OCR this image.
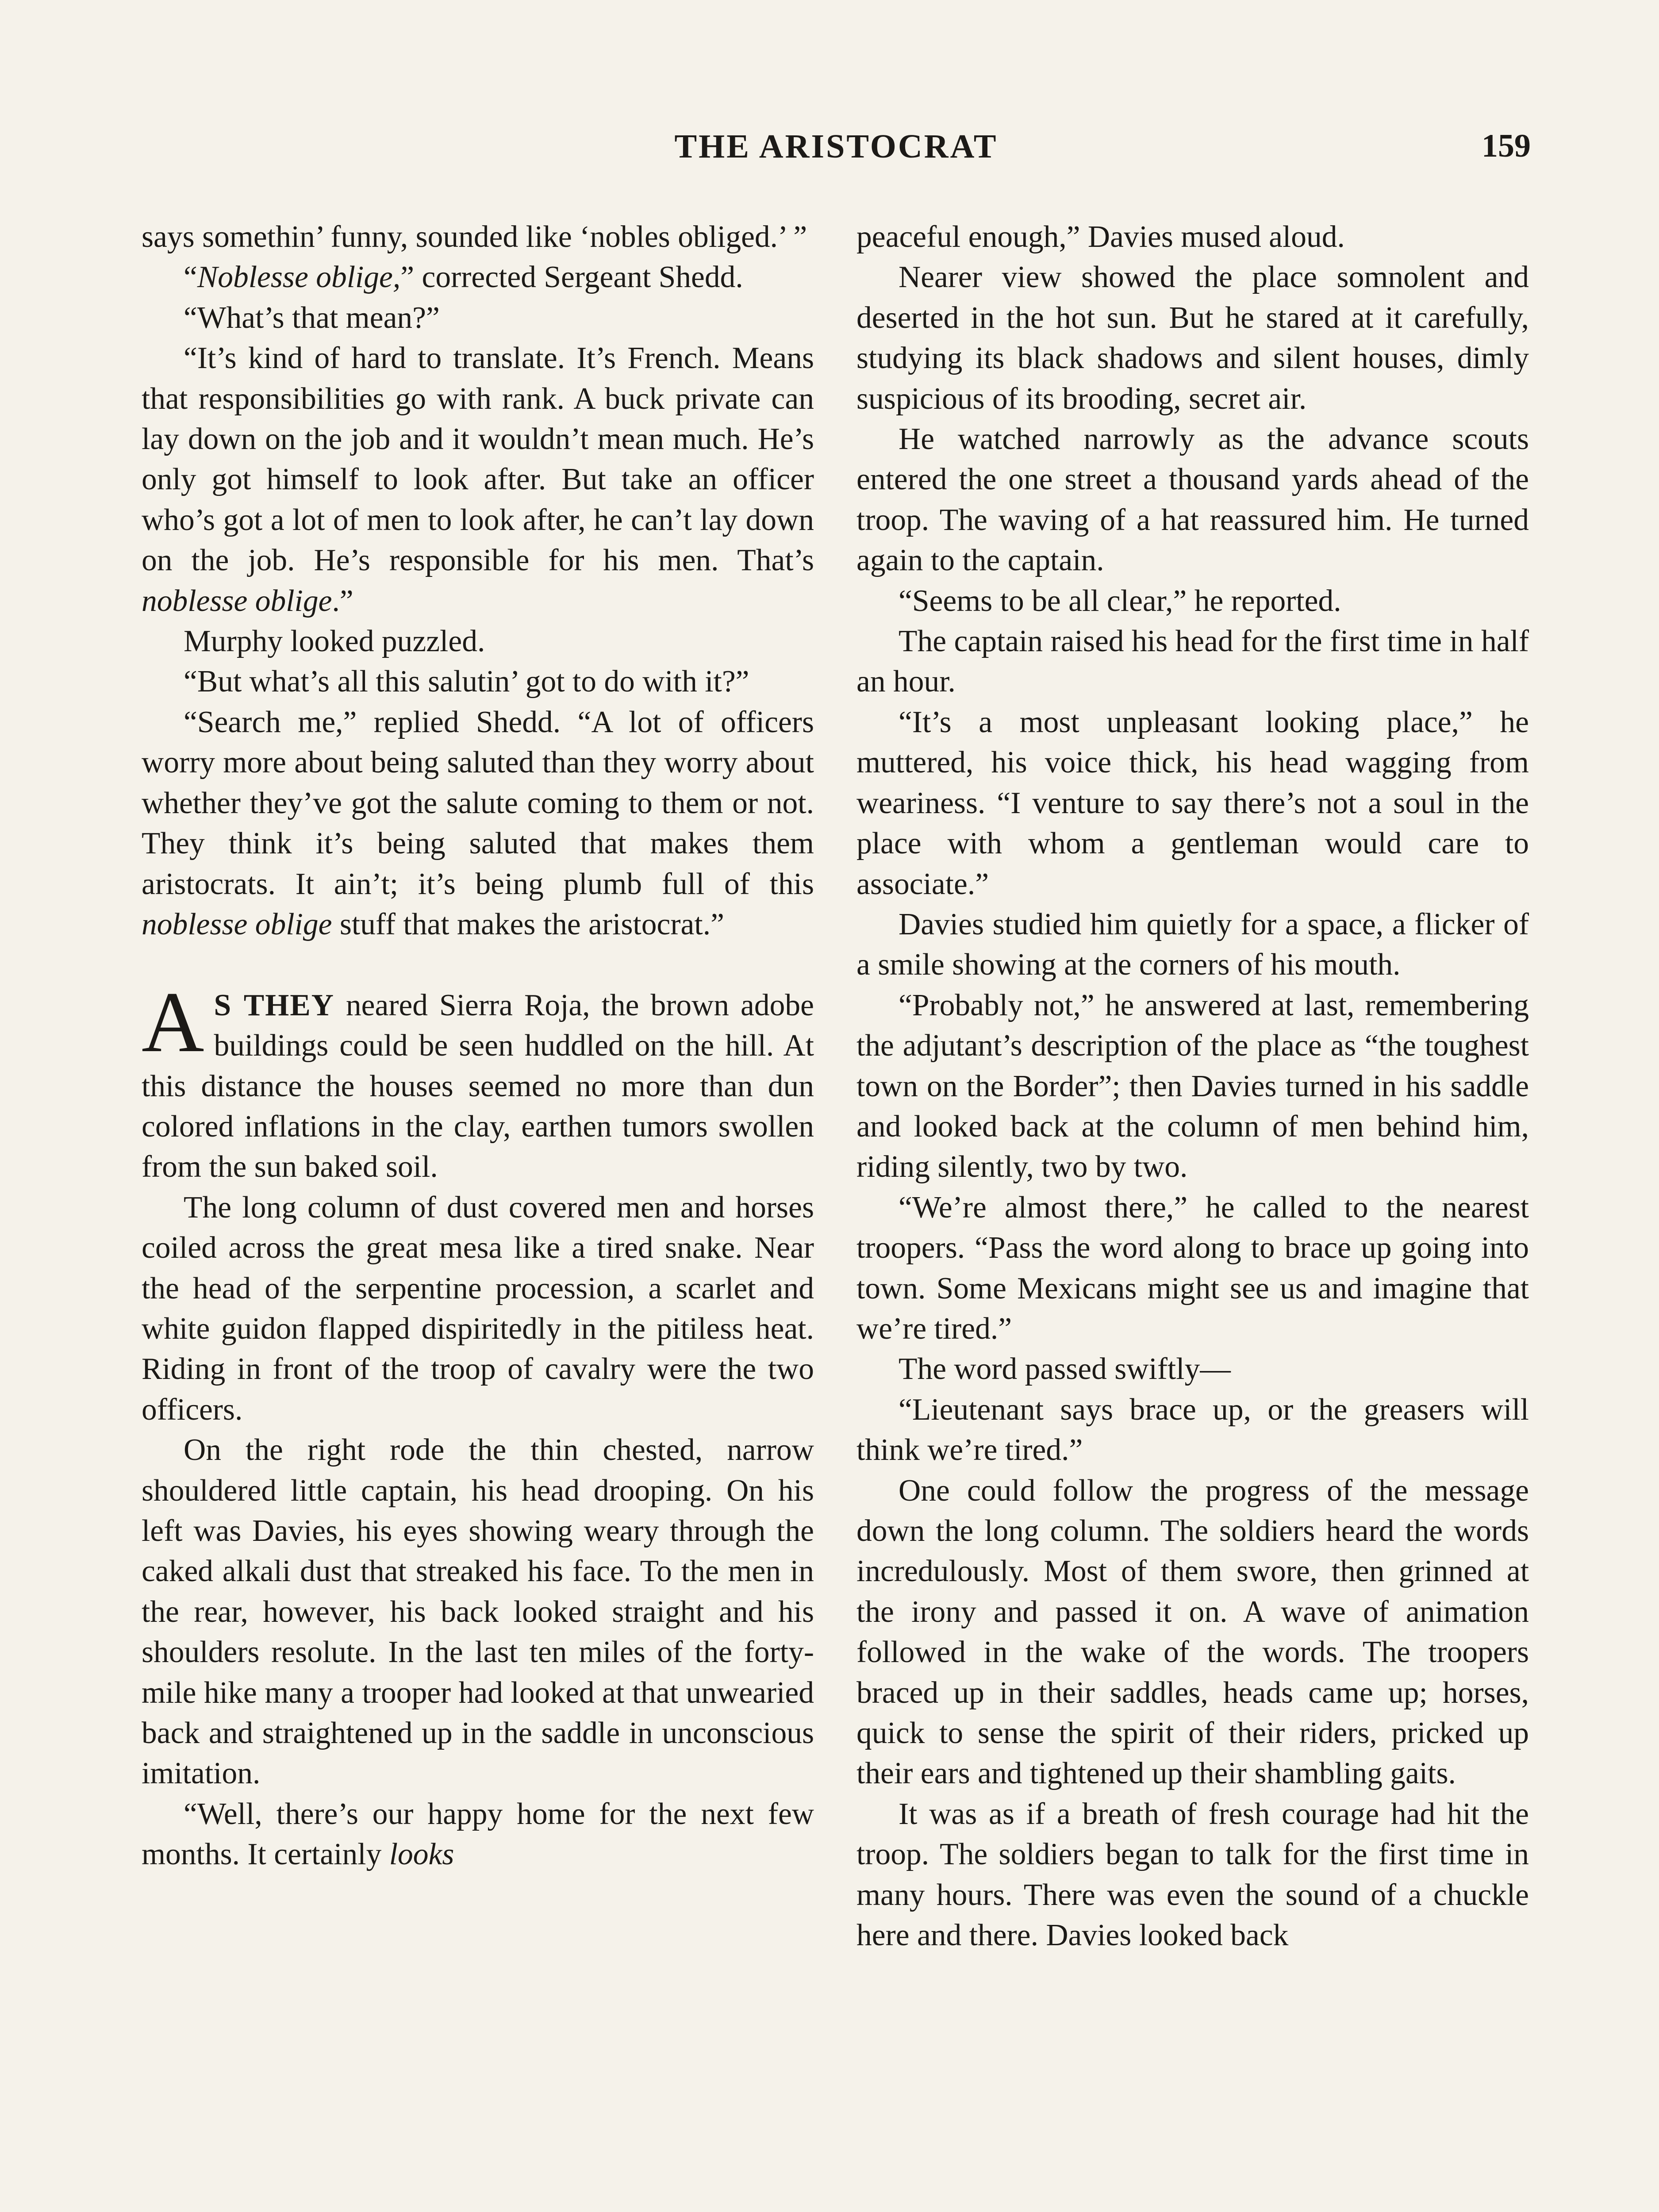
THE ARISTOCRAT	159

says somethin’ funny, sounded like ‘nobles obliged.’ ”

“Noblesse oblige,” corrected Sergeant Shedd.

“What’s that mean?”

“It’s kind of hard to translate. It’s French. Means that responsibilities go with rank. A buck private can lay down on the job and it wouldn’t mean much. He’s only got himself to look after. But take an officer who’s got a lot of men to look after, he can’t lay down on the job. He’s responsible for his men. That’s noblesse oblige.”

Murphy looked puzzled.

“But what’s all this salutin’ got to do with it?”

“Search me,” replied Shedd. “A lot of officers worry more about being saluted than they worry about whether they’ve got the salute coming to them or not. They think it’s being saluted that makes them aristocrats. It ain’t; it’s being plumb full of this noblesse oblige stuff that makes the aristocrat.”

A S THEY neared Sierra Roja, the brown adobe buildings could be seen huddled on the hill. At this distance the houses seemed no more than dun colored inflations in the clay, earthen tumors swollen from the sun baked soil.

The long column of dust covered men and horses coiled across the great mesa like a tired snake. Near the head of the serpentine procession, a scarlet and white guidon flapped dispiritedly in the pitiless heat. Riding in front of the troop of cavalry were the two officers.

On the right rode the thin chested, narrow shouldered little captain, his head drooping. On his left was Davies, his eyes showing weary through the caked alkali dust that streaked his face. To the men in the rear, however, his back looked straight and his shoulders resolute. In the last ten miles of the forty-mile hike many a trooper had looked at that unwearied back and straightened up in the saddle in unconscious imitation.

“Well, there’s our happy home for the next few months. It certainly looks

peaceful enough,” Davies mused aloud.

Nearer view showed the place somnolent and deserted in the hot sun. But he stared at it carefully, studying its black shadows and silent houses, dimly suspicious of its brooding, secret air.

He watched narrowly as the advance scouts entered the one street a thousand yards ahead of the troop. The waving of a hat reassured him. He turned again to the captain.

“Seems to be all clear,” he reported.

The captain raised his head for the first time in half an hour.

“It’s a most unpleasant looking place,” he muttered, his voice thick, his head wagging from weariness. “I venture to say there’s not a soul in the place with whom a gentleman would care to associate.”

Davies studied him quietly for a space, a flicker of a smile showing at the corners of his mouth.

“Probably not,” he answered at last, remembering the adjutant’s description of the place as “the toughest town on the Border”; then Davies turned in his saddle and looked back at the column of men behind him, riding silently, two by two.

“We’re almost there,” he called to the nearest troopers. “Pass the word along to brace up going into town. Some Mexicans might see us and imagine that we’re tired.”

The word passed swiftly—

“Lieutenant says brace up, or the greasers will think we’re tired.”

One could follow the progress of the message down the long column. The soldiers heard the words incredulously. Most of them swore, then grinned at the irony and passed it on. A wave of animation followed in the wake of the words. The troopers braced up in their saddles, heads came up; horses, quick to sense the spirit of their riders, pricked up their ears and tightened up their shambling gaits.

It was as if a breath of fresh courage had hit the troop. The soldiers began to talk for the first time in many hours. There was even the sound of a chuckle here and there. Davies looked back
